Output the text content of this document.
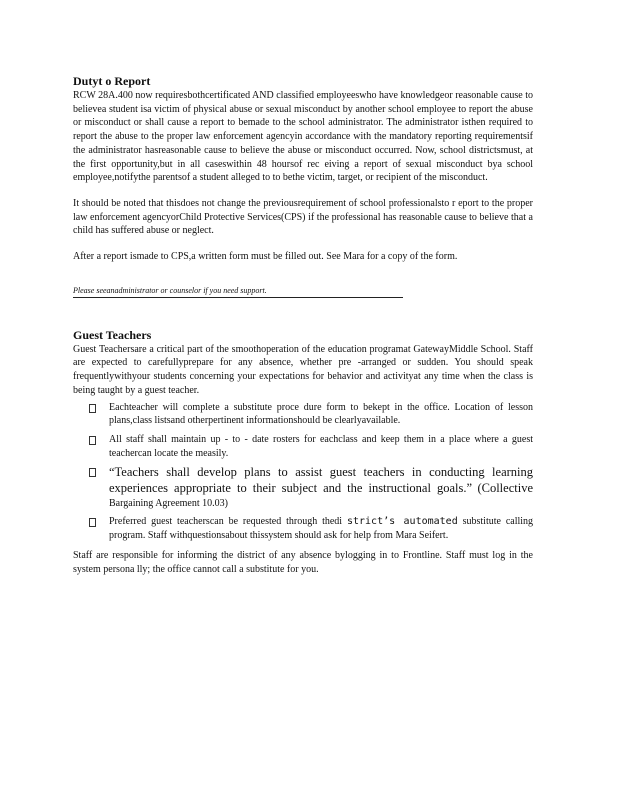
Dutyt o Report

RCW 28A.400 now requiresbothcertificated AND classified employeeswho have knowledgeor reasonable cause to believea student isa victim of physical abuse or sexual misconduct by another school employee to report the abuse or misconduct or shall cause a report to bemade to the school administrator. The administrator isthen required to report the abuse to the proper law enforcement agencyin accordance with the mandatory reporting requirementsif the administrator hasreasonable cause to believe the abuse or misconduct occurred. Now, school districtsmust, at the first opportunity,but in all caseswithin 48 hoursof rec eiving a report of sexual misconduct bya school employee,notifythe parentsof a student alleged to to bethe victim, target, or recipient of the misconduct.

It should be noted that thisdoes not change the previousrequirement of school professionalsto r eport to the proper law enforcement agencyorChild Protective Services(CPS) if the professional has reasonable cause to believe that a child has suffered abuse or neglect.

After a report ismade to CPS,a written form must be filled out. See Mara for a copy of the form.

Please seeanadministrator or counselor if you need support.
Guest Teachers

Guest Teachersare a critical part of the smoothoperation of the education programat GatewayMiddle School. Staff are expected to carefullyprepare for any absence, whether pre -arranged or sudden. You should speak frequentlywithyour students concerning your expectations for behavior and activityat any time when the class is being taught by a guest teacher.

Eachteacher will complete a substitute proce dure form to bekept in the office. Location of lesson plans,class listsand otherpertinent informationshould be clearlyavailable.
All staff shall maintain up - to - date rosters for eachclass and keep them in a place where a guest teachercan locate the measily.
“Teachers shall develop plans to assist guest teachers in conducting learning experiences appropriate to their subject and the instructional goals.” (Collective Bargaining Agreement 10.03)
Preferred guest teacherscan be requested through thedi strict’s automated substitute calling program. Staff withquestionsabout thissystem should ask for help from Mara Seifert.

Staff are responsible for informing the district of any absence bylogging in to Frontline. Staff must log in the system persona lly; the office cannot call a substitute for you.
